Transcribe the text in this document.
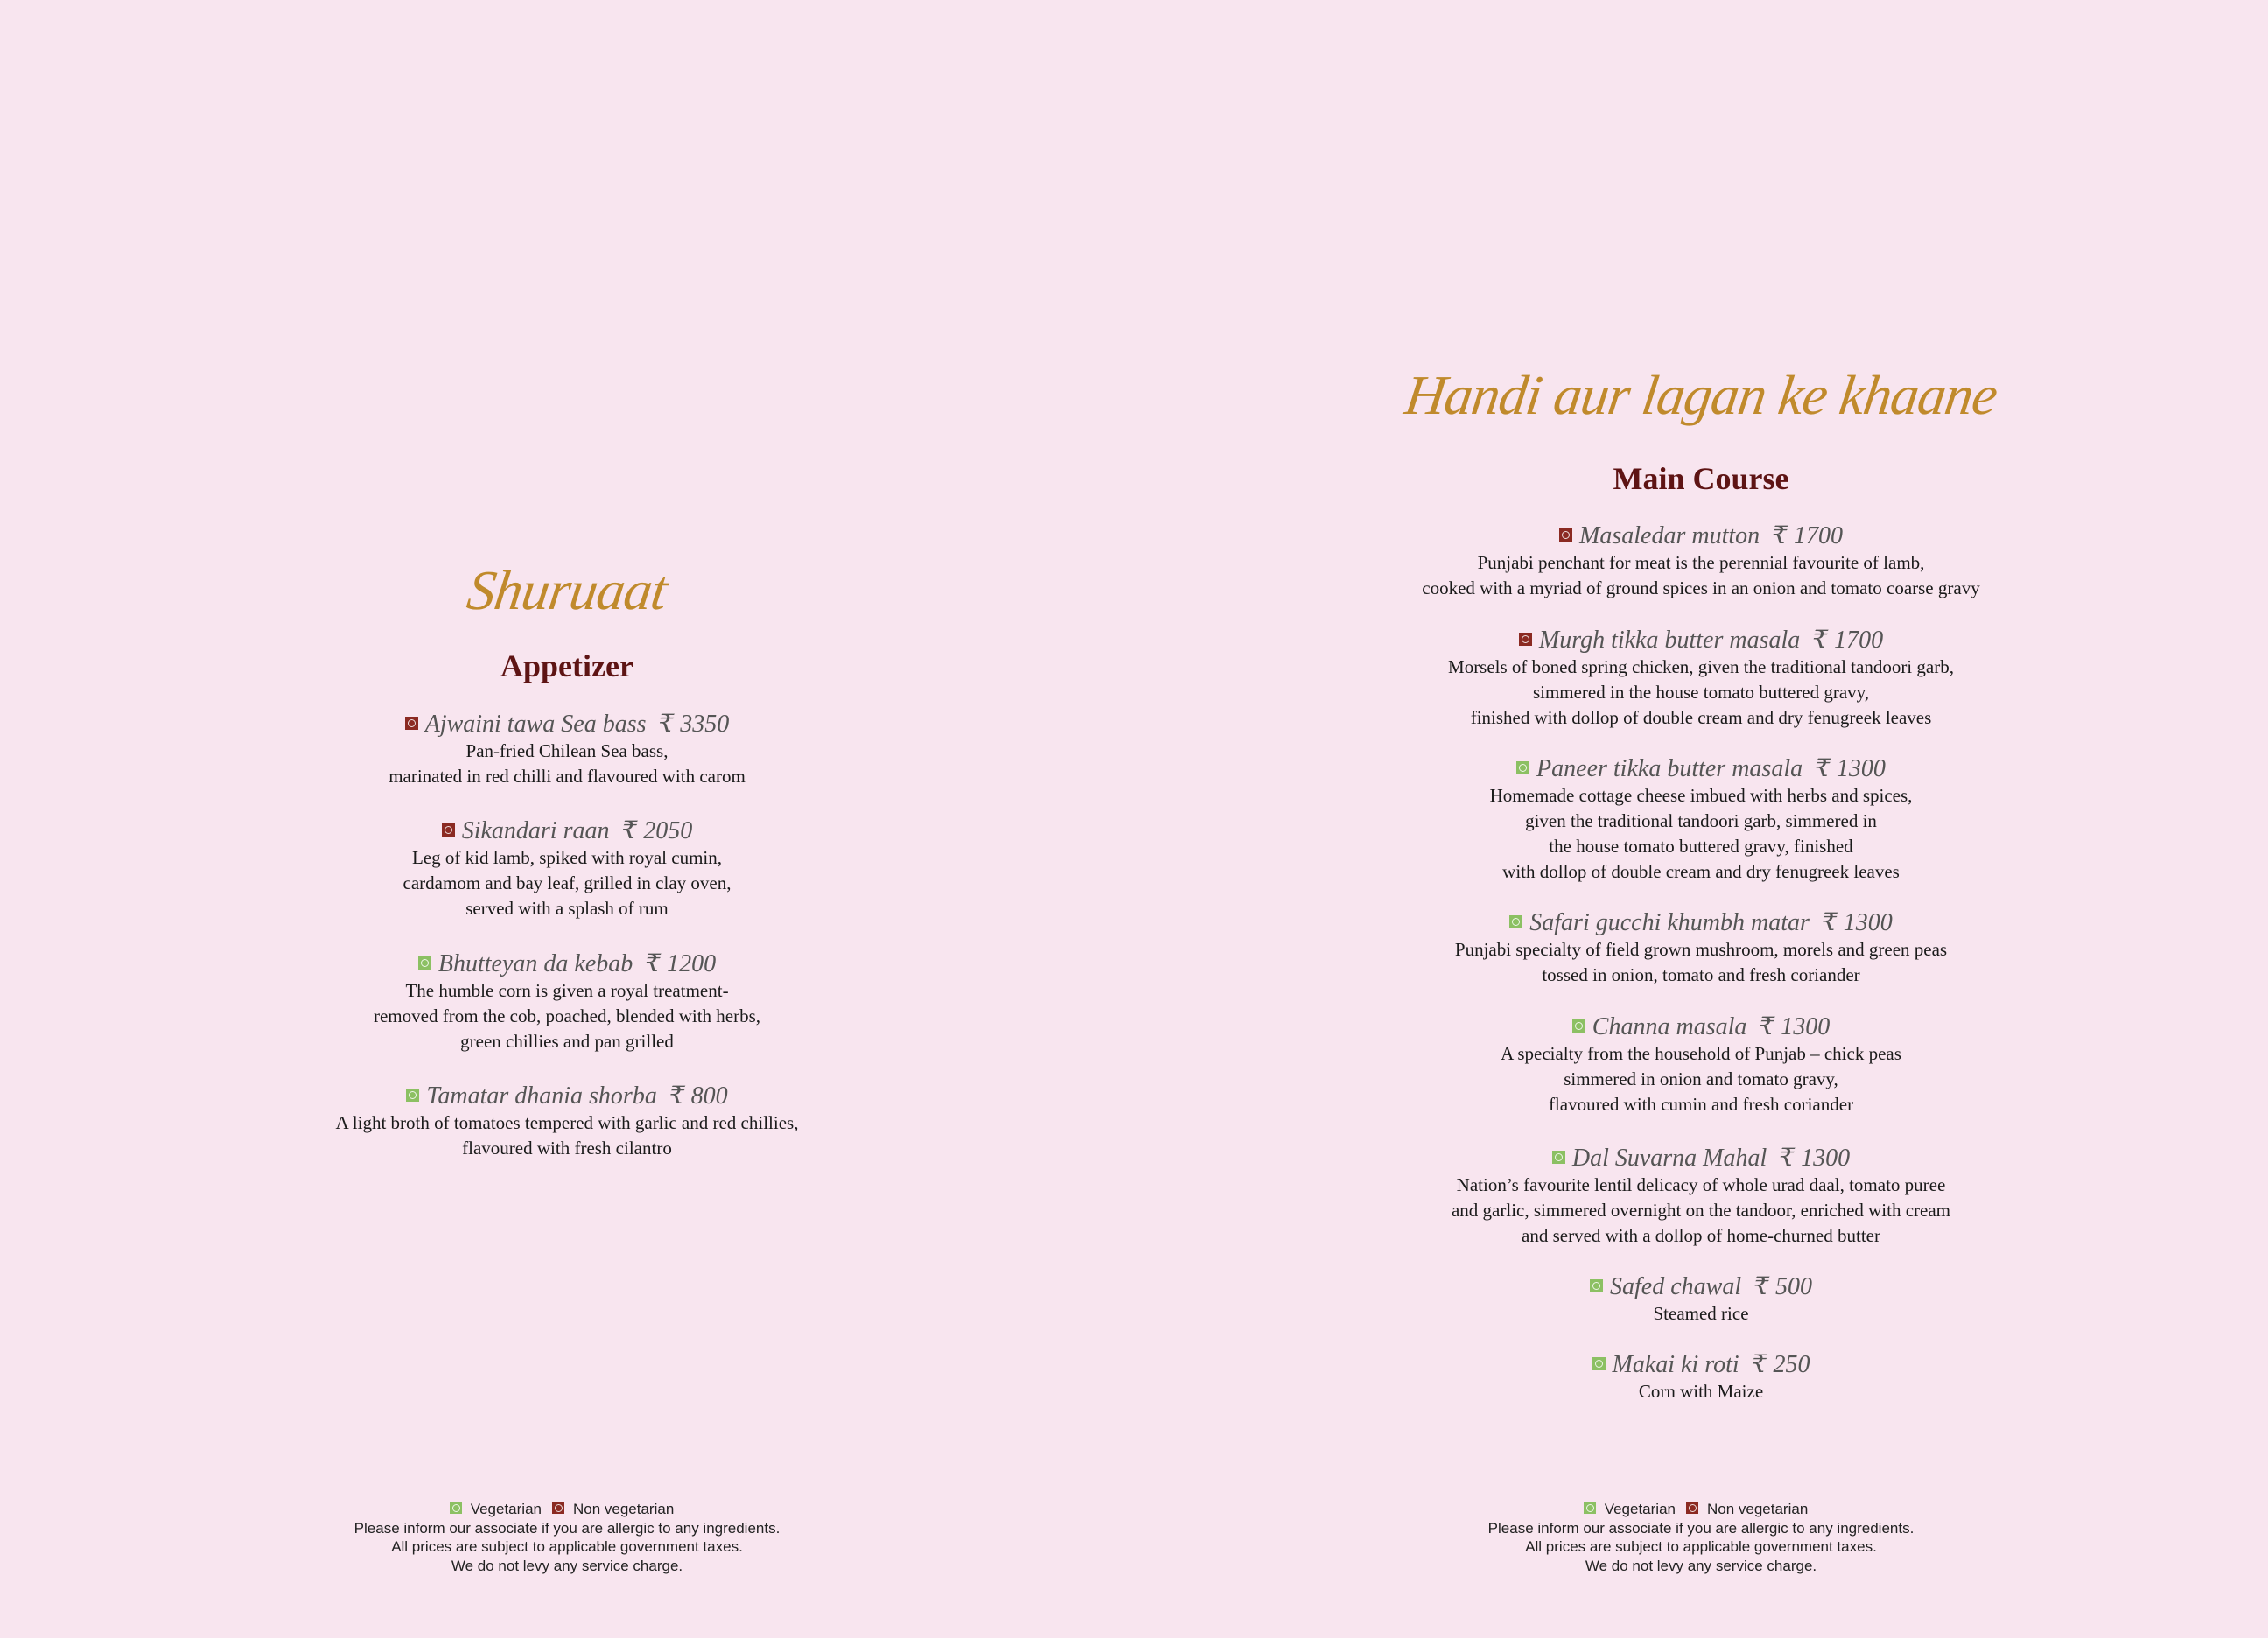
Shuruaat
Appetizer
Ajwaini tawa Sea bass ₹ 3350
Pan-fried Chilean Sea bass,
marinated in red chilli and flavoured with carom
Sikandari raan ₹ 2050
Leg of kid lamb, spiked with royal cumin,
cardamom and bay leaf, grilled in clay oven,
served with a splash of rum
Bhutteyan da kebab ₹ 1200
The humble corn is given a royal treatment-
removed from the cob, poached, blended with herbs,
green chillies and pan grilled
Tamatar dhania shorba ₹ 800
A light broth of tomatoes tempered with garlic and red chillies,
flavoured with fresh cilantro
Vegetarian Non vegetarian
Please inform our associate if you are allergic to any ingredients.
All prices are subject to applicable government taxes.
We do not levy any service charge.
Handi aur lagan ke khaane
Main Course
Masaledar mutton ₹ 1700
Punjabi penchant for meat is the perennial favourite of lamb,
cooked with a myriad of ground spices in an onion and tomato coarse gravy
Murgh tikka butter masala ₹ 1700
Morsels of boned spring chicken, given the traditional tandoori garb,
simmered in the house tomato buttered gravy,
finished with dollop of double cream and dry fenugreek leaves
Paneer tikka butter masala ₹ 1300
Homemade cottage cheese imbued with herbs and spices,
given the traditional tandoori garb, simmered in
the house tomato buttered gravy, finished
with dollop of double cream and dry fenugreek leaves
Safari gucchi khumbh matar ₹ 1300
Punjabi specialty of field grown mushroom, morels and green peas
tossed in onion, tomato and fresh coriander
Channa masala ₹ 1300
A specialty from the household of Punjab – chick peas
simmered in onion and tomato gravy,
flavoured with cumin and fresh coriander
Dal Suvarna Mahal ₹ 1300
Nation’s favourite lentil delicacy of whole urad daal, tomato puree
and garlic, simmered overnight on the tandoor, enriched with cream
and served with a dollop of home-churned butter
Safed chawal ₹ 500
Steamed rice
Makai ki roti ₹ 250
Corn with Maize
Vegetarian Non vegetarian
Please inform our associate if you are allergic to any ingredients.
All prices are subject to applicable government taxes.
We do not levy any service charge.
